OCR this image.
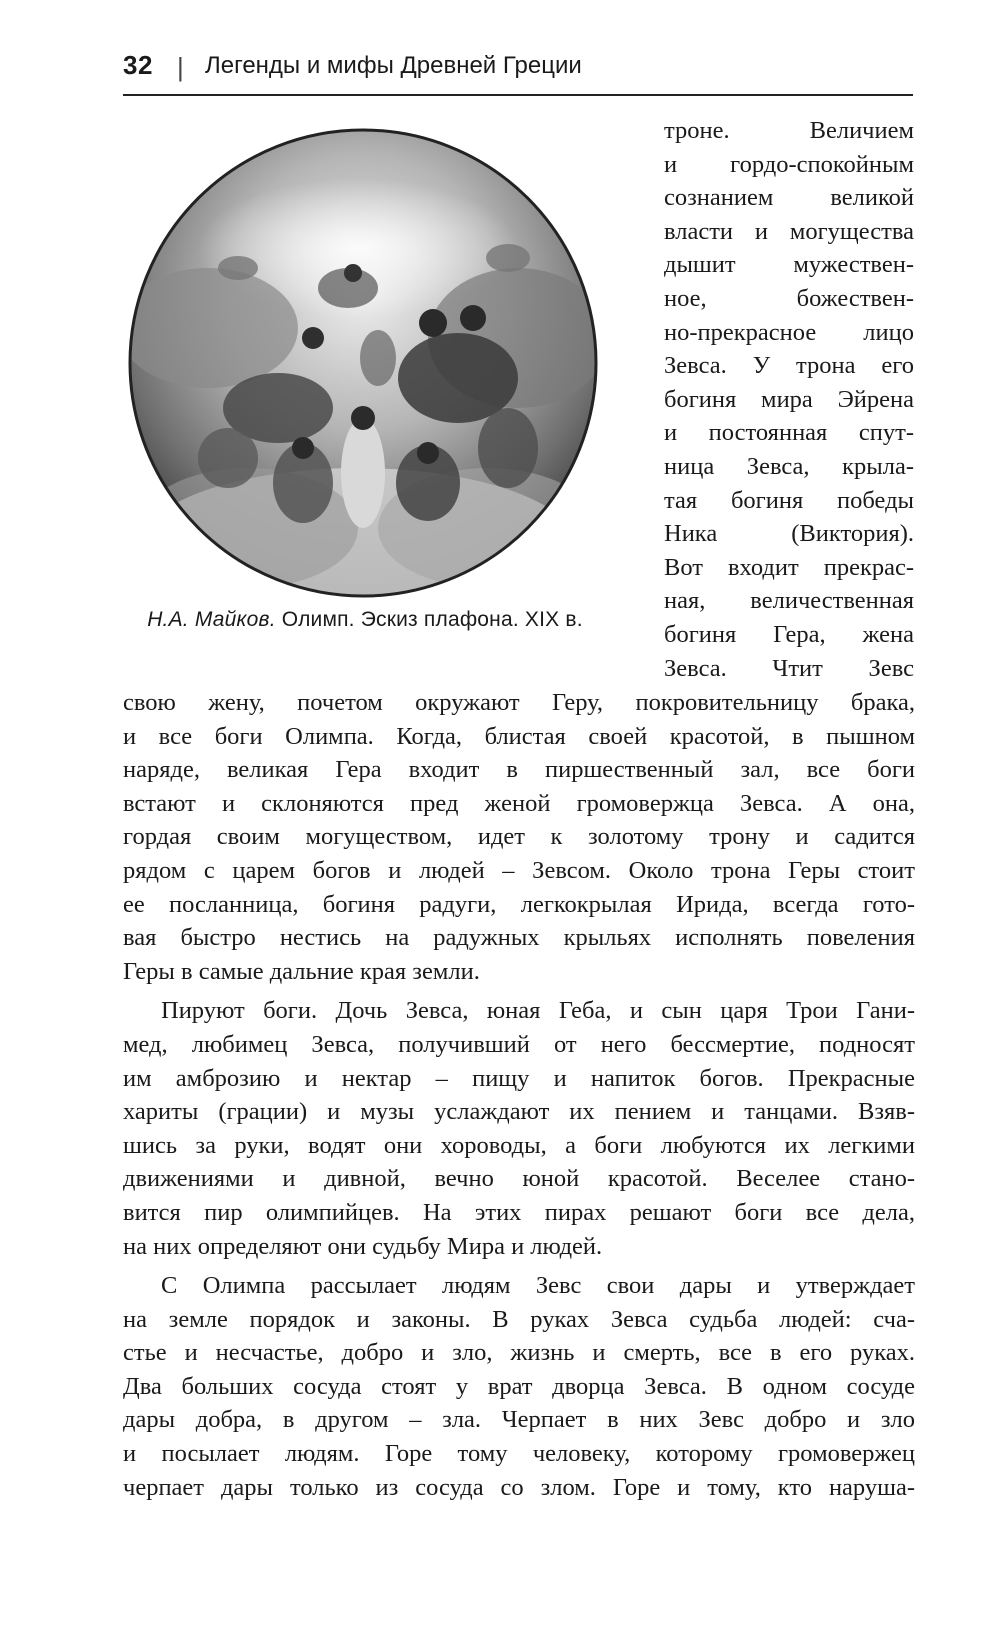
32 | Легенды и мифы Древней Греции
Н.А. Майков. Олимп. Эскиз плафона. XIX в.
троне. Величием
и гордо-спокойным
сознанием великой
власти и могущества
дышит мужествен-
ное, божествен-
но-прекрасное лицо
Зевса. У трона его
богиня мира Эйрена
и постоянная спут-
ница Зевса, крыла-
тая богиня победы
Ника (Виктория).
Вот входит прекрас-
ная, величественная
богиня Гера, жена
Зевса. Чтит Зевс
свою жену, почетом окружают Геру, покровительницу брака,
и все боги Олимпа. Когда, блистая своей красотой, в пышном
наряде, великая Гера входит в пиршественный зал, все боги
встают и склоняются пред женой громовержца Зевса. А она,
гордая своим могуществом, идет к золотому трону и садится
рядом с царем богов и людей – Зевсом. Около трона Геры стоит
ее посланница, богиня радуги, легкокрылая Ирида, всегда гото-
вая быстро нестись на радужных крыльях исполнять повеления
Геры в самые дальние края земли.
Пируют боги. Дочь Зевса, юная Геба, и сын царя Трои Гани-
мед, любимец Зевса, получивший от него бессмертие, подносят
им амброзию и нектар – пищу и напиток богов. Прекрасные
хариты (грации) и музы услаждают их пением и танцами. Взяв-
шись за руки, водят они хороводы, а боги любуются их легкими
движениями и дивной, вечно юной красотой. Веселее стано-
вится пир олимпийцев. На этих пирах решают боги все дела,
на них определяют они судьбу Мира и людей.
С Олимпа рассылает людям Зевс свои дары и утверждает
на земле порядок и законы. В руках Зевса судьба людей: сча-
стье и несчастье, добро и зло, жизнь и смерть, все в его руках.
Два больших сосуда стоят у врат дворца Зевса. В одном сосуде
дары добра, в другом – зла. Черпает в них Зевс добро и зло
и посылает людям. Горе тому человеку, которому громовержец
черпает дары только из сосуда со злом. Горе и тому, кто наруша-
